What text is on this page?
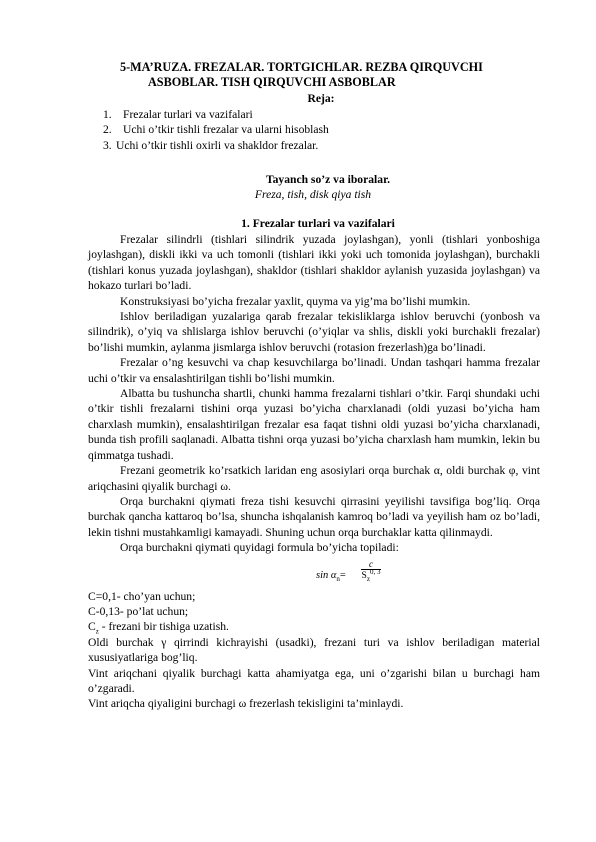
5-MA’RUZA. FREZALAR. TORTGICHLAR. REZBA QIRQUVCHI
ASBOBLAR. TISH QIRQUVCHI ASBOBLAR
Reja:
1. Frezalar turlari va vazifalari
2. Uchi o’tkir tishli frezalar va ularni hisoblash
3. Uchi o’tkir tishli oxirli va shakldor frezalar.
Tayanch so’z va iboralar.
Freza, tish, disk qiya tish
1. Frezalar turlari va vazifalari

Frezalar silindrli (tishlari silindrik yuzada joylashgan), yonli (tishlari yonboshiga joylashgan), diskli ikki va uch tomonli (tishlari ikki yoki uch tomonida joylashgan), burchakli (tishlari konus yuzada joylashgan), shakldor (tishlari shakldor aylanish yuzasida joylashgan) va hokazo turlari bo’ladi.

Konstruksiyasi bo’yicha frezalar yaxlit, quyma va yig’ma bo’lishi mumkin.

Ishlov beriladigan yuzalariga qarab frezalar tekisliklarga ishlov beruvchi (yonbosh va silindrik), o’yiq va shlislarga ishlov beruvchi (o’yiqlar va shlis, diskli yoki burchakli frezalar) bo’lishi mumkin, aylanma jismlarga ishlov beruvchi (rotasion frezerlash)ga bo’linadi.

Frezalar o’ng kesuvchi va chap kesuvchilarga bo’linadi. Undan tashqari hamma frezalar uchi o’tkir va ensalashtirilgan tishli bo’lishi mumkin.

Albatta bu tushuncha shartli, chunki hamma frezalarni tishlari o’tkir. Farqi shundaki uchi o’tkir tishli frezalarni tishini orqa yuzasi bo’yicha charxlanadi (oldi yuzasi bo’yicha ham charxlash mumkin), ensalashtirilgan frezalar esa faqat tishni oldi yuzasi bo’yicha charxlanadi, bunda tish profili saqlanadi. Albatta tishni orqa yuzasi bo’yicha charxlash ham mumkin, lekin bu qimmatga tushadi.

Frezani geometrik ko’rsatkich laridan eng asosiylari orqa burchak α, oldi burchak φ, vint ariqchasini qiyalik burchagi ω.

Orqa burchakni qiymati freza tishi kesuvchi qirrasini yeyilishi tavsifiga bog’liq. Orqa burchak qancha kattaroq bo’lsa, shuncha ishqalanish kamroq bo’ladi va yeyilish ham oz bo’ladi, lekin tishni mustahkamligi kamayadi. Shuning uchun orqa burchaklar katta qilinmaydi.

Orqa burchakni qiymati quyidagi formula bo’yicha topiladi:

$\sin \alpha_n=$
c
$S_z^{0, 3}$

C=0,1- cho’yan uchun;

C-0,13- po’lat uchun;

$C_z$ - frezani bir tishiga uzatish.

Oldi burchak γ qirrindi kichrayishi (usadki), frezani turi va ishlov beriladigan material xususiyatlariga bog’liq.

Vint ariqchani qiyalik burchagi katta ahamiyatga ega, uni o’zgarishi bilan u burchagi ham o’zgaradi.

Vint ariqcha qiyaligini burchagi ω frezerlash tekisligini ta’minlaydi.
